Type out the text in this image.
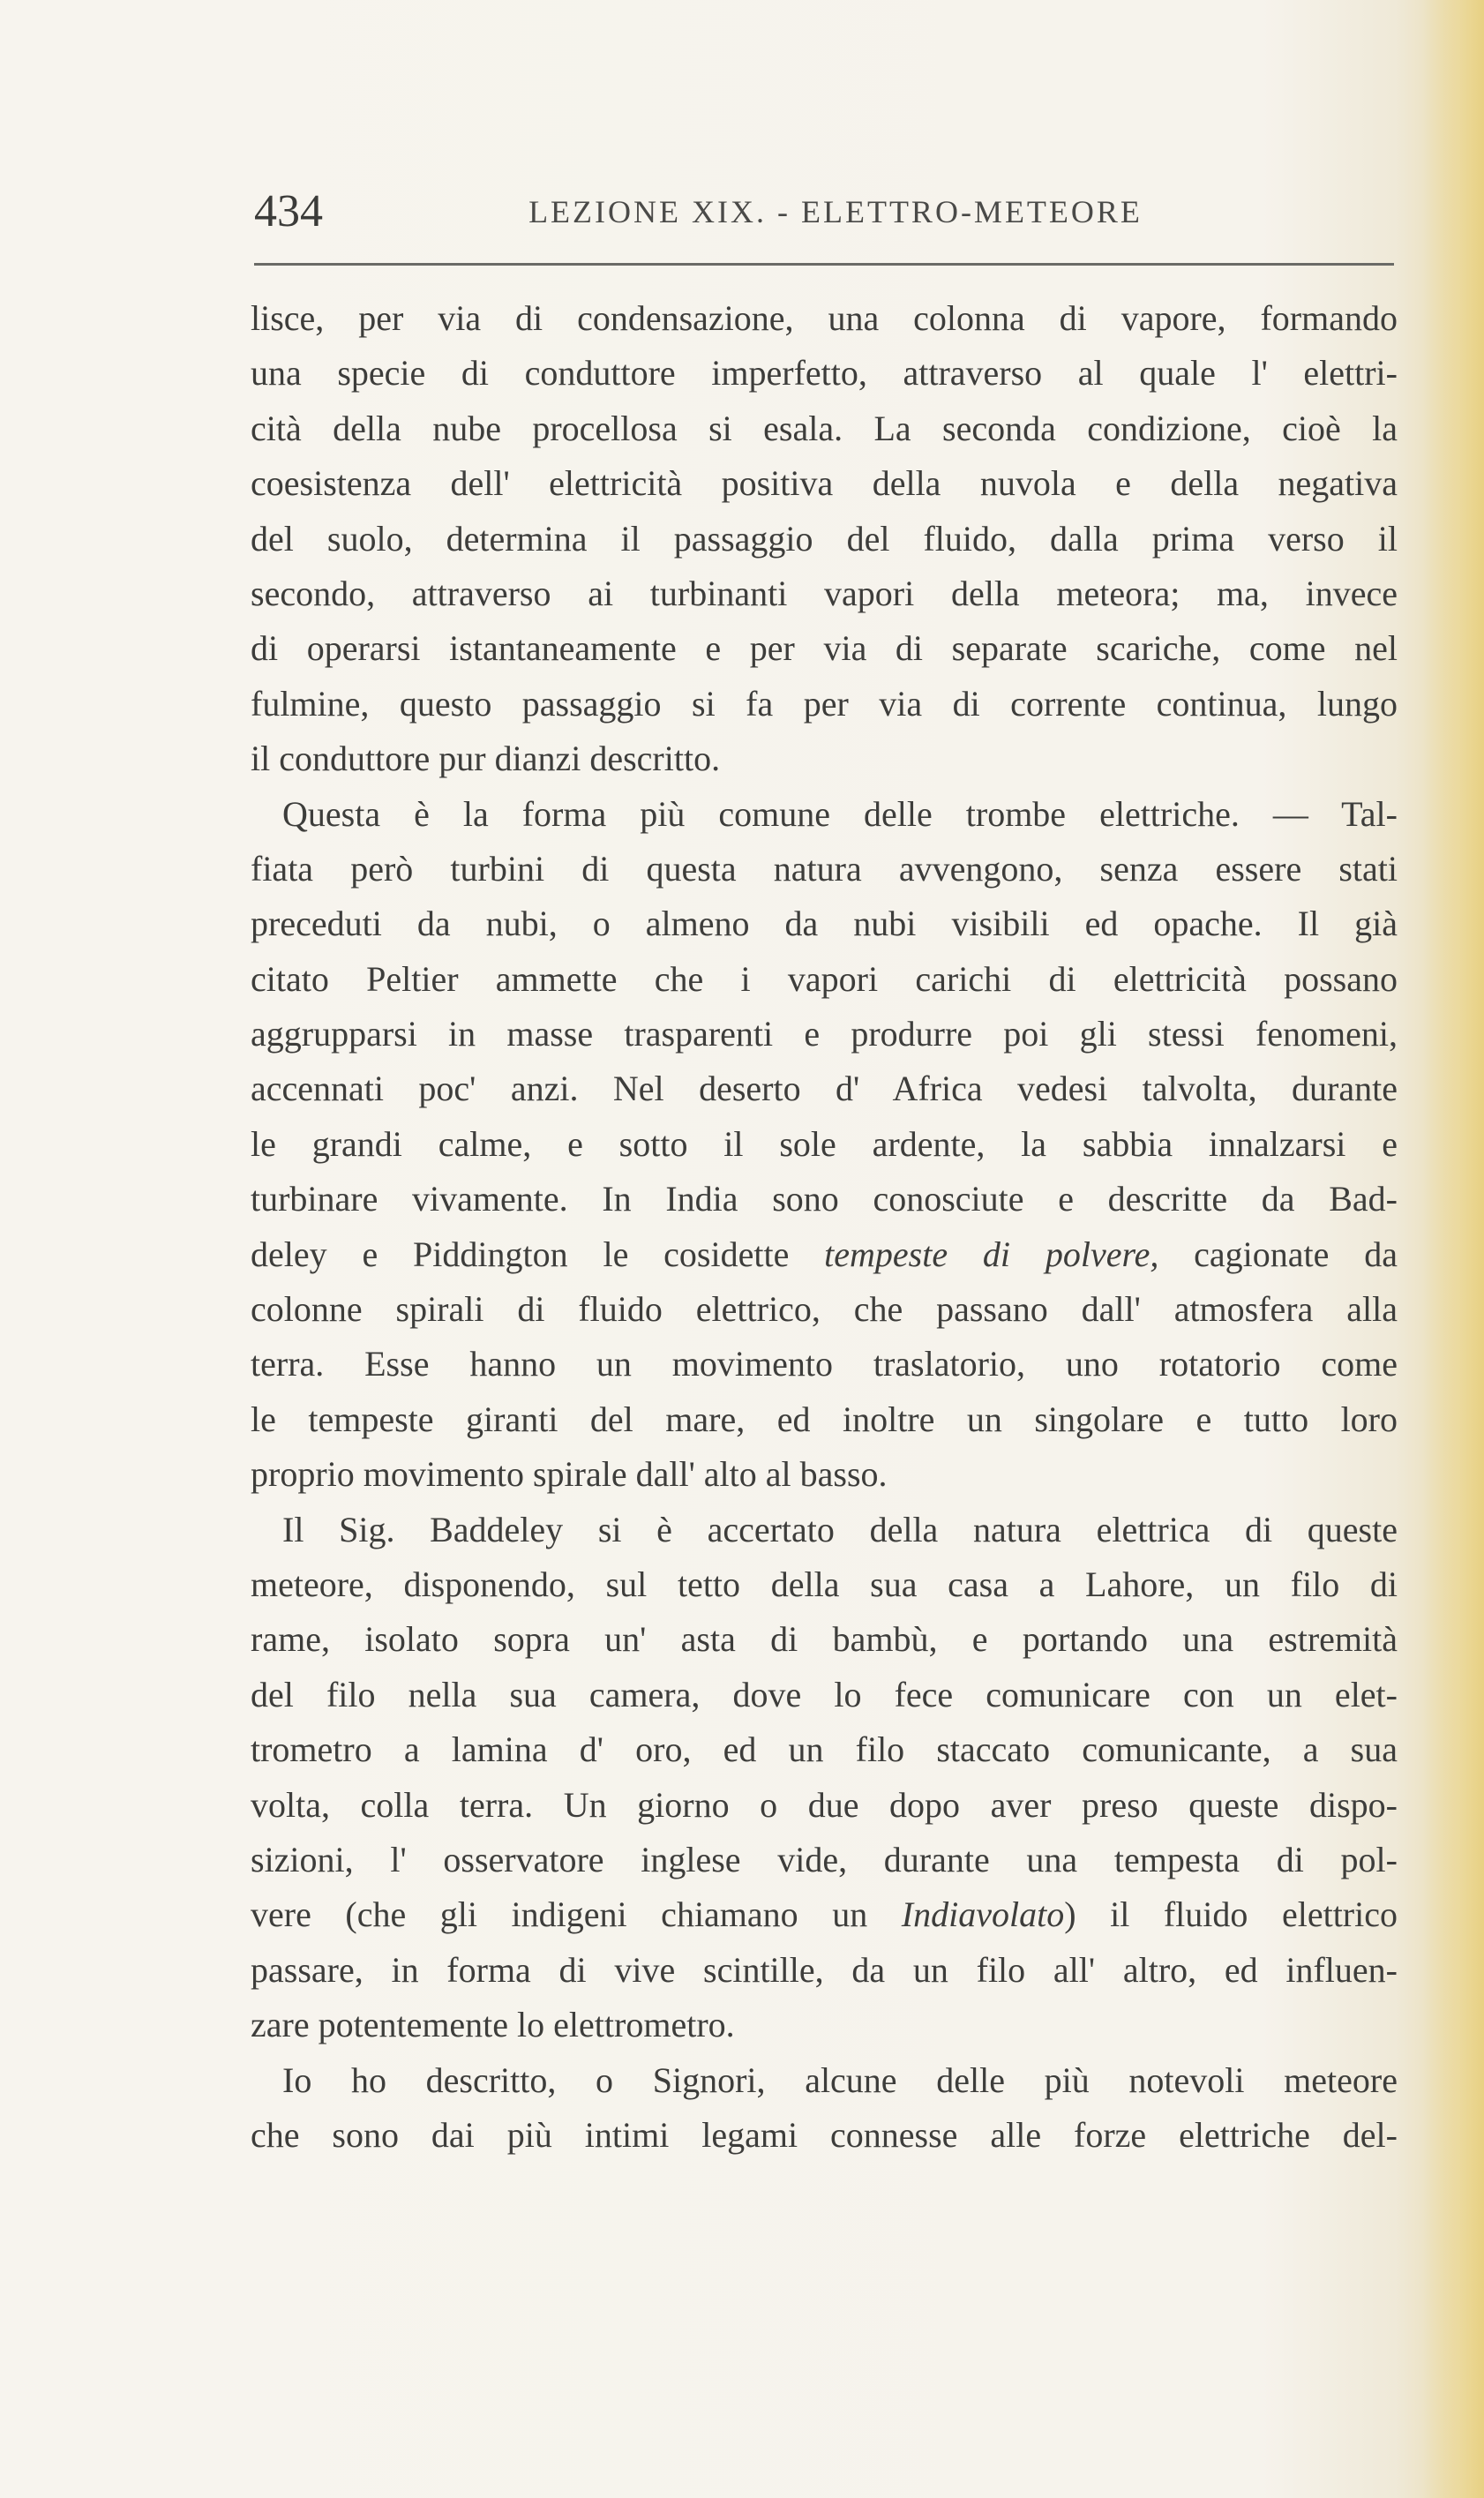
LEZIONE XIX. - ELETTRO-METEORE
434
lisce, per via di condensazione, una colonna di vapore, formando
una specie di conduttore imperfetto, attraverso al quale l' elettri-
cità della nube procellosa si esala. La seconda condizione, cioè la
coesistenza dell' elettricità positiva della nuvola e della negativa
del suolo, determina il passaggio del fluido, dalla prima verso il
secondo, attraverso ai turbinanti vapori della meteora; ma, invece
di operarsi istantaneamente e per via di separate scariche, come nel
fulmine, questo passaggio si fa per via di corrente continua, lungo
il conduttore pur dianzi descritto.
Questa è la forma più comune delle trombe elettriche. — Tal-
fiata però turbini di questa natura avvengono, senza essere stati
preceduti da nubi, o almeno da nubi visibili ed opache. Il già
citato Peltier ammette che i vapori carichi di elettricità possano
aggrupparsi in masse trasparenti e produrre poi gli stessi fenomeni,
accennati poc' anzi. Nel deserto d' Africa vedesi talvolta, durante
le grandi calme, e sotto il sole ardente, la sabbia innalzarsi e
turbinare vivamente. In India sono conosciute e descritte da Bad-
deley e Piddington le cosidette tempeste di polvere, cagionate da
colonne spirali di fluido elettrico, che passano dall' atmosfera alla
terra. Esse hanno un movimento traslatorio, uno rotatorio come
le tempeste giranti del mare, ed inoltre un singolare e tutto loro
proprio movimento spirale dall' alto al basso.
Il Sig. Baddeley si è accertato della natura elettrica di queste
meteore, disponendo, sul tetto della sua casa a Lahore, un filo di
rame, isolato sopra un' asta di bambù, e portando una estremità
del filo nella sua camera, dove lo fece comunicare con un elet-
trometro a lamina d' oro, ed un filo staccato comunicante, a sua
volta, colla terra. Un giorno o due dopo aver preso queste dispo-
sizioni, l' osservatore inglese vide, durante una tempesta di pol-
vere (che gli indigeni chiamano un Indiavolato) il fluido elettrico
passare, in forma di vive scintille, da un filo all' altro, ed influen-
zare potentemente lo elettrometro.
Io ho descritto, o Signori, alcune delle più notevoli meteore
che sono dai più intimi legami connesse alle forze elettriche del-
